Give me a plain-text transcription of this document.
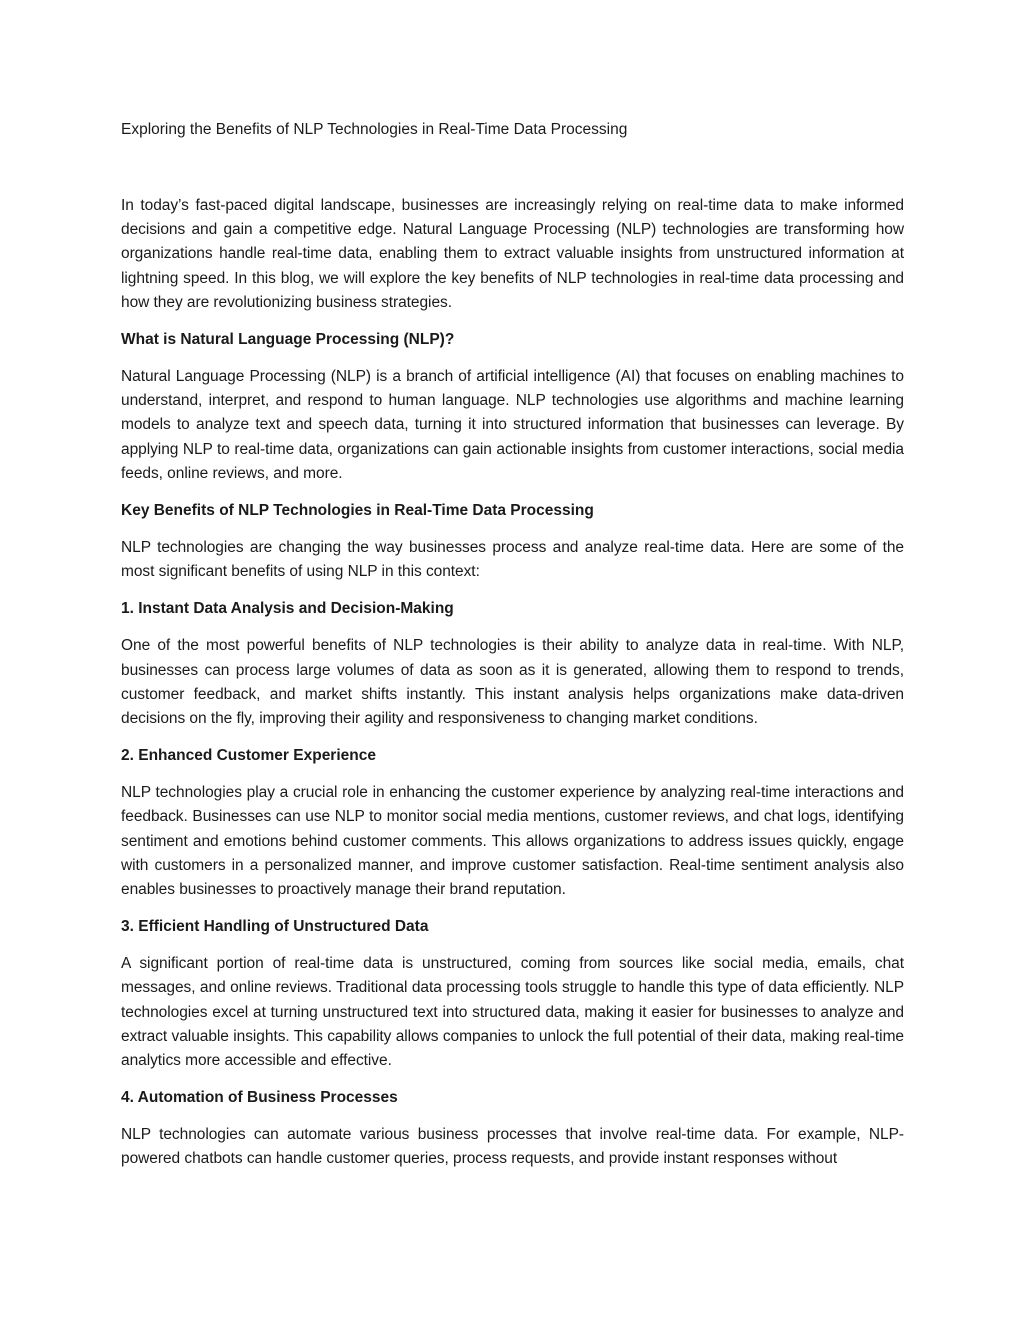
Exploring the Benefits of NLP Technologies in Real-Time Data Processing

In today’s fast-paced digital landscape, businesses are increasingly relying on real-time data to make informed decisions and gain a competitive edge. Natural Language Processing (NLP) technologies are transforming how organizations handle real-time data, enabling them to extract valuable insights from unstructured information at lightning speed. In this blog, we will explore the key benefits of NLP technologies in real-time data processing and how they are revolutionizing business strategies.

What is Natural Language Processing (NLP)?

Natural Language Processing (NLP) is a branch of artificial intelligence (AI) that focuses on enabling machines to understand, interpret, and respond to human language. NLP technologies use algorithms and machine learning models to analyze text and speech data, turning it into structured information that businesses can leverage. By applying NLP to real-time data, organizations can gain actionable insights from customer interactions, social media feeds, online reviews, and more.

Key Benefits of NLP Technologies in Real-Time Data Processing

NLP technologies are changing the way businesses process and analyze real-time data. Here are some of the most significant benefits of using NLP in this context:

1. Instant Data Analysis and Decision-Making

One of the most powerful benefits of NLP technologies is their ability to analyze data in real-time. With NLP, businesses can process large volumes of data as soon as it is generated, allowing them to respond to trends, customer feedback, and market shifts instantly. This instant analysis helps organizations make data-driven decisions on the fly, improving their agility and responsiveness to changing market conditions.

2. Enhanced Customer Experience

NLP technologies play a crucial role in enhancing the customer experience by analyzing real-time interactions and feedback. Businesses can use NLP to monitor social media mentions, customer reviews, and chat logs, identifying sentiment and emotions behind customer comments. This allows organizations to address issues quickly, engage with customers in a personalized manner, and improve customer satisfaction. Real-time sentiment analysis also enables businesses to proactively manage their brand reputation.

3. Efficient Handling of Unstructured Data

A significant portion of real-time data is unstructured, coming from sources like social media, emails, chat messages, and online reviews. Traditional data processing tools struggle to handle this type of data efficiently. NLP technologies excel at turning unstructured text into structured data, making it easier for businesses to analyze and extract valuable insights. This capability allows companies to unlock the full potential of their data, making real-time analytics more accessible and effective.

4. Automation of Business Processes

NLP technologies can automate various business processes that involve real-time data. For example, NLP-powered chatbots can handle customer queries, process requests, and provide instant responses without
